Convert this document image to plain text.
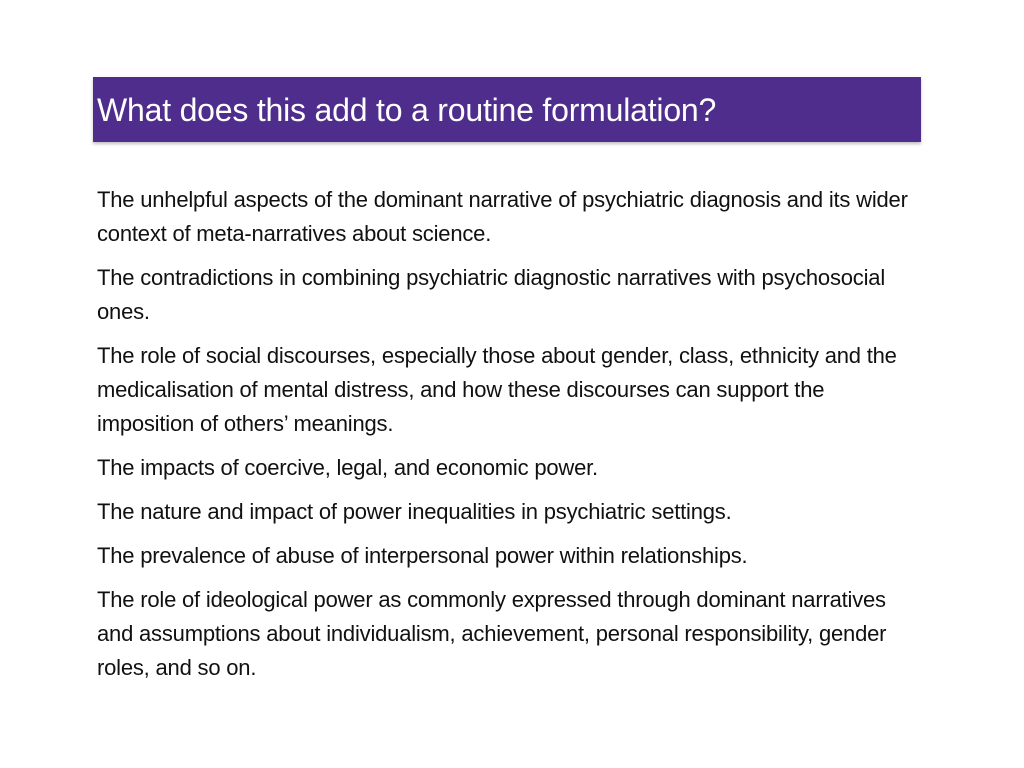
What does this add to a routine formulation?

The unhelpful aspects of the dominant narrative of psychiatric diagnosis and its wider context of meta-narratives about science.

The contradictions in combining psychiatric diagnostic narratives with psychosocial ones.

The role of social discourses, especially those about gender, class, ethnicity and the medicalisation of mental distress, and how these discourses can support the imposition of others’ meanings.

The impacts of coercive, legal, and economic power.

The nature and impact of power inequalities in psychiatric settings.

The prevalence of abuse of interpersonal power within relationships.

The role of ideological power as commonly expressed through dominant narratives and assumptions about individualism, achievement, personal responsibility, gender roles, and so on.
